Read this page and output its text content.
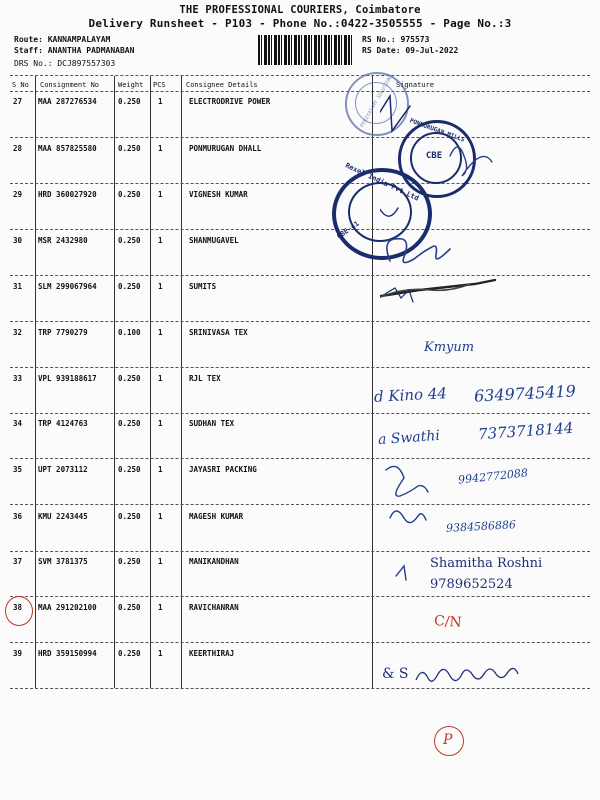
THE PROFESSIONAL COURIERS, Coimbatore
Delivery Runsheet - P103 - Phone No.:0422-3505555 - Page No.:3
Route: KANNAMPALAYAM
Staff: ANANTHA PADMANABAN
DRS No.: DCJ897557303
RS No.: 975573
RS Date: 09-Jul-2022
S No Consignment No	Weight PCS	Consignee Details	Signature
27 MAA 287276534	0.250 1	ELECTRODRIVE POWER
28 MAA 857825580	0.250 1	PONMURUGAN DHALL
29 HRD 360027920	0.250 1	VIGNESH KUMAR
30 MSR 2432980	0.250 1	SHANMUGAVEL
31 SLM 299067964	0.250 1	SUMITS
32 TRP 7790279	0.100 1	SRINIVASA TEX
33 VPL 939188617	0.250 1	RJL TEX
34 TRP 4124763	0.250 1	SUDHAN TEX
35 UPT 2073112	0.250 1	JAYASRI PACKING
36 KMU 2243445	0.250 1	MAGESH KUMAR
37 SVM 3781375	0.250 1	MANIKANDHAN
38 MAA 291202100	0.250 1	RAVICHANRAN
39 HRD 359150994	0.250 1	KEERTHIRAJ
PERIYASAMY SOLUTIONS
PONMURUGAN MILLS
CBE
Rexel India Pvt Ltd
CBE-41
Kmyum
d Kino 44 6349745419
a Swathi 7373718144
9942772088
9384586886
Shamitha Roshni
9789652524
C/N
& S
P
